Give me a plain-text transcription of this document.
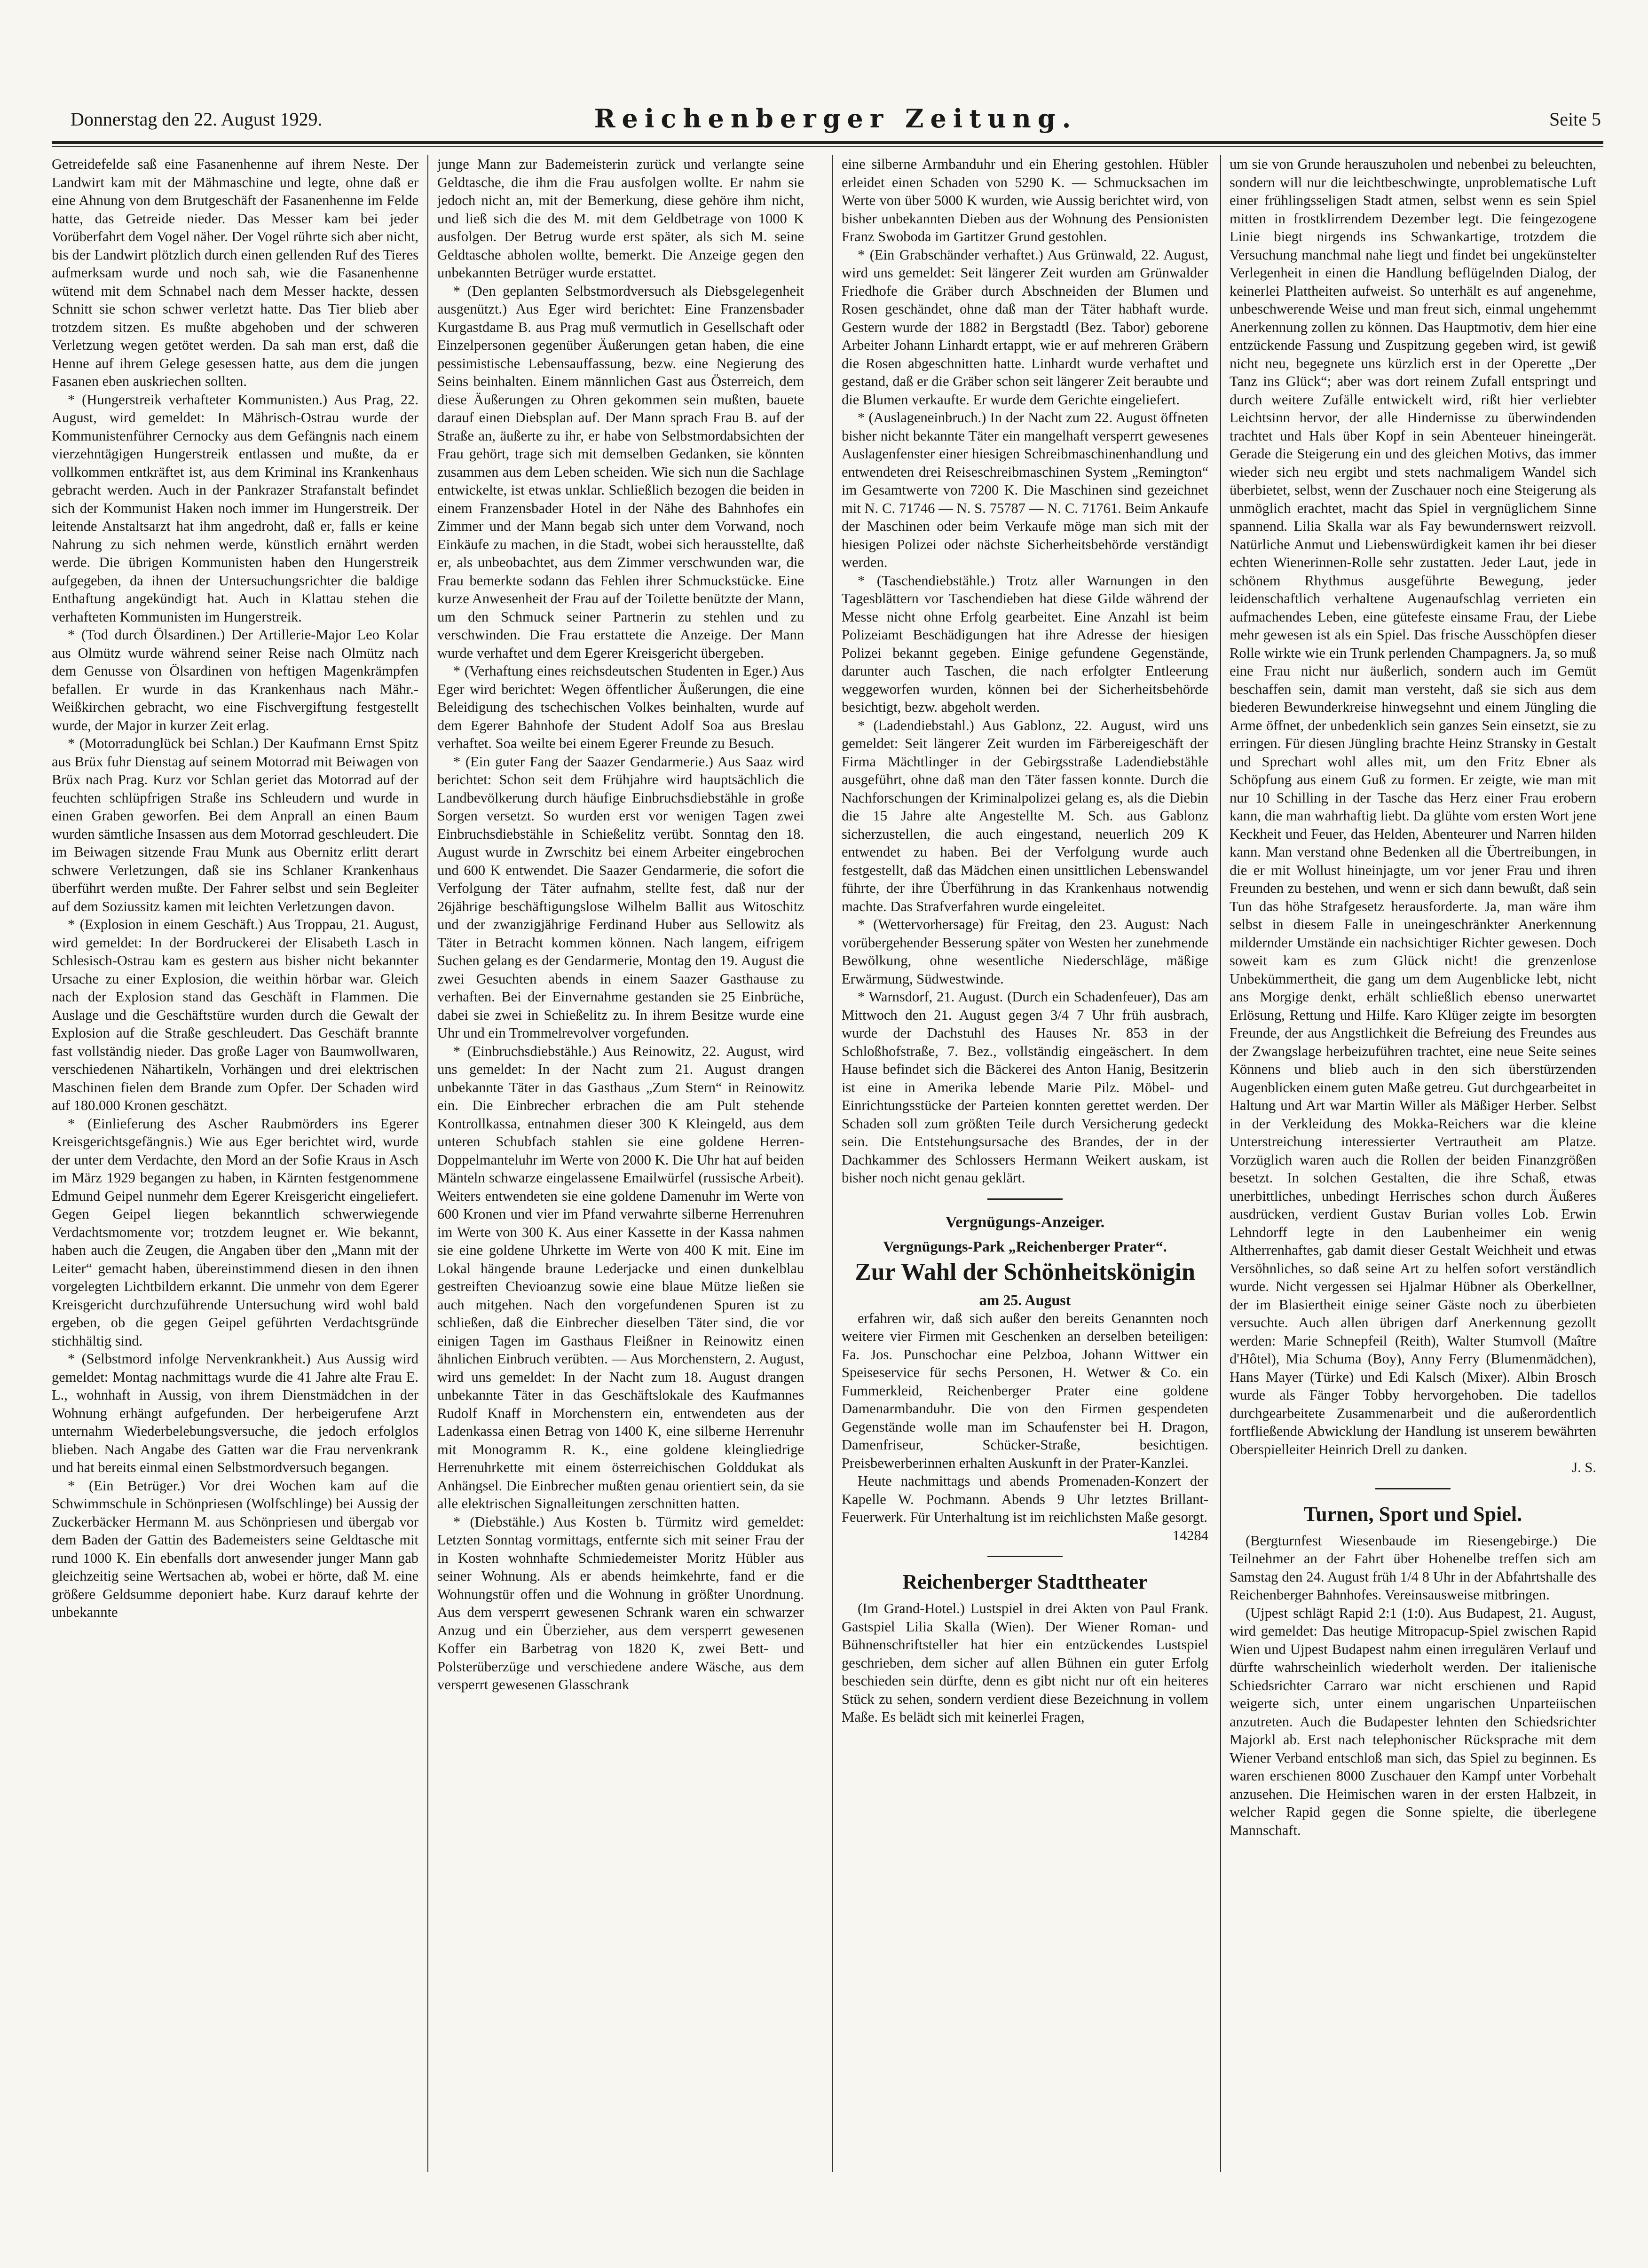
Donnerstag den 22. August 1929.	Reichenberger Zeitung.	Seite 5

Getreidefelde saß eine Fasanenhenne auf ihrem Neste. Der Landwirt kam mit der Mähmaschine und legte, ohne daß er eine Ahnung von dem Brutgeschäft der Fasanenhenne im Felde hatte, das Getreide nieder. Das Messer kam bei jeder Vorüberfahrt dem Vogel näher. Der Vogel rührte sich aber nicht, bis der Landwirt plötzlich durch einen gellenden Ruf des Tieres aufmerksam wurde und noch sah, wie die Fasanenhenne wütend mit dem Schnabel nach dem Messer hackte, dessen Schnitt sie schon schwer verletzt hatte. Das Tier blieb aber trotzdem sitzen. Es mußte abgehoben und der schweren Verletzung wegen getötet werden. Da sah man erst, daß die Henne auf ihrem Gelege gesessen hatte, aus dem die jungen Fasanen eben auskriechen sollten.

* (Hungerstreik verhafteter Kommunisten.) Aus Prag, 22. August, wird gemeldet: In Mährisch-Ostrau wurde der Kommunistenführer Cernocky aus dem Gefängnis nach einem vierzehntägigen Hungerstreik entlassen und mußte, da er vollkommen entkräftet ist, aus dem Kriminal ins Krankenhaus gebracht werden. Auch in der Pankrazer Strafanstalt befindet sich der Kommunist Haken noch immer im Hungerstreik. Der leitende Anstaltsarzt hat ihm angedroht, daß er, falls er keine Nahrung zu sich nehmen werde, künstlich ernährt werden werde. Die übrigen Kommunisten haben den Hungerstreik aufgegeben, da ihnen der Untersuchungsrichter die baldige Enthaftung angekündigt hat. Auch in Klattau stehen die verhafteten Kommunisten im Hungerstreik.

* (Tod durch Ölsardinen.) Der Artillerie-Major Leo Kolar aus Olmütz wurde während seiner Reise nach Olmütz nach dem Genusse von Ölsardinen von heftigen Magenkrämpfen befallen. Er wurde in das Krankenhaus nach Mähr.-Weißkirchen gebracht, wo eine Fischvergiftung festgestellt wurde, der Major in kurzer Zeit erlag.

* (Motorradunglück bei Schlan.) Der Kaufmann Ernst Spitz aus Brüx fuhr Dienstag auf seinem Motorrad mit Beiwagen von Brüx nach Prag. Kurz vor Schlan geriet das Motorrad auf der feuchten schlüpfrigen Straße ins Schleudern und wurde in einen Graben geworfen. Bei dem Anprall an einen Baum wurden sämtliche Insassen aus dem Motorrad geschleudert. Die im Beiwagen sitzende Frau Munk aus Obernitz erlitt derart schwere Verletzungen, daß sie ins Schlaner Krankenhaus überführt werden mußte. Der Fahrer selbst und sein Begleiter auf dem Soziussitz kamen mit leichten Verletzungen davon.

* (Explosion in einem Geschäft.) Aus Troppau, 21. August, wird gemeldet: In der Bordruckerei der Elisabeth Lasch in Schlesisch-Ostrau kam es gestern aus bisher nicht bekannter Ursache zu einer Explosion, die weithin hörbar war. Gleich nach der Explosion stand das Geschäft in Flammen. Die Auslage und die Geschäftstüre wurden durch die Gewalt der Explosion auf die Straße geschleudert. Das Geschäft brannte fast vollständig nieder. Das große Lager von Baumwollwaren, verschiedenen Nähartikeln, Vorhängen und drei elektrischen Maschinen fielen dem Brande zum Opfer. Der Schaden wird auf 180.000 Kronen geschätzt.

* (Einlieferung des Ascher Raubmörders ins Egerer Kreisgerichtsgefängnis.) Wie aus Eger berichtet wird, wurde der unter dem Verdachte, den Mord an der Sofie Kraus in Asch im März 1929 begangen zu haben, in Kärnten festgenommene Edmund Geipel nunmehr dem Egerer Kreisgericht eingeliefert. Gegen Geipel liegen bekanntlich schwerwiegende Verdachtsmomente vor; trotzdem leugnet er. Wie bekannt, haben auch die Zeugen, die Angaben über den „Mann mit der Leiter“ gemacht haben, übereinstimmend diesen in den ihnen vorgelegten Lichtbildern erkannt. Die unmehr von dem Egerer Kreisgericht durchzuführende Untersuchung wird wohl bald ergeben, ob die gegen Geipel geführten Verdachtsgründe stichhältig sind.

* (Selbstmord infolge Nervenkrankheit.) Aus Aussig wird gemeldet: Montag nachmittags wurde die 41 Jahre alte Frau E. L., wohnhaft in Aussig, von ihrem Dienstmädchen in der Wohnung erhängt aufgefunden. Der herbeigerufene Arzt unternahm Wiederbelebungsversuche, die jedoch erfolglos blieben. Nach Angabe des Gatten war die Frau nervenkrank und hat bereits einmal einen Selbstmordversuch begangen.

* (Ein Betrüger.) Vor drei Wochen kam auf die Schwimmschule in Schönpriesen (Wolfschlinge) bei Aussig der Zuckerbäcker Hermann M. aus Schönpriesen und übergab vor dem Baden der Gattin des Bademeisters seine Geldtasche mit rund 1000 K. Ein ebenfalls dort anwesender junger Mann gab gleichzeitig seine Wertsachen ab, wobei er hörte, daß M. eine größere Geldsumme deponiert habe. Kurz darauf kehrte der unbekannte

junge Mann zur Bademeisterin zurück und verlangte seine Geldtasche, die ihm die Frau ausfolgen wollte. Er nahm sie jedoch nicht an, mit der Bemerkung, diese gehöre ihm nicht, und ließ sich die des M. mit dem Geldbetrage von 1000 K ausfolgen. Der Betrug wurde erst später, als sich M. seine Geldtasche abholen wollte, bemerkt. Die Anzeige gegen den unbekannten Betrüger wurde erstattet.

* (Den geplanten Selbstmordversuch als Diebsgelegenheit ausgenützt.) Aus Eger wird berichtet: Eine Franzensbader Kurgastdame B. aus Prag muß vermutlich in Gesellschaft oder Einzelpersonen gegenüber Äußerungen getan haben, die eine pessimistische Lebensauffassung, bezw. eine Negierung des Seins beinhalten. Einem männlichen Gast aus Österreich, dem diese Äußerungen zu Ohren gekommen sein mußten, bauete darauf einen Diebsplan auf. Der Mann sprach Frau B. auf der Straße an, äußerte zu ihr, er habe von Selbstmordabsichten der Frau gehört, trage sich mit demselben Gedanken, sie könnten zusammen aus dem Leben scheiden. Wie sich nun die Sachlage entwickelte, ist etwas unklar. Schließlich bezogen die beiden in einem Franzensbader Hotel in der Nähe des Bahnhofes ein Zimmer und der Mann begab sich unter dem Vorwand, noch Einkäufe zu machen, in die Stadt, wobei sich herausstellte, daß er, als unbeobachtet, aus dem Zimmer verschwunden war, die Frau bemerkte sodann das Fehlen ihrer Schmuckstücke. Eine kurze Anwesenheit der Frau auf der Toilette benützte der Mann, um den Schmuck seiner Partnerin zu stehlen und zu verschwinden. Die Frau erstattete die Anzeige. Der Mann wurde verhaftet und dem Egerer Kreisgericht übergeben.

* (Verhaftung eines reichsdeutschen Studenten in Eger.) Aus Eger wird berichtet: Wegen öffentlicher Äußerungen, die eine Beleidigung des tschechischen Volkes beinhalten, wurde auf dem Egerer Bahnhofe der Student Adolf Soa aus Breslau verhaftet. Soa weilte bei einem Egerer Freunde zu Besuch.

* (Ein guter Fang der Saazer Gendarmerie.) Aus Saaz wird berichtet: Schon seit dem Frühjahre wird hauptsächlich die Landbevölkerung durch häufige Einbruchsdiebstähle in große Sorgen versetzt. So wurden erst vor wenigen Tagen zwei Einbruchsdiebstähle in Schießelitz verübt. Sonntag den 18. August wurde in Zwrschitz bei einem Arbeiter eingebrochen und 600 K entwendet. Die Saazer Gendarmerie, die sofort die Verfolgung der Täter aufnahm, stellte fest, daß nur der 26jährige beschäftigungslose Wilhelm Ballit aus Witoschitz und der zwanzigjährige Ferdinand Huber aus Sellowitz als Täter in Betracht kommen können. Nach langem, eifrigem Suchen gelang es der Gendarmerie, Montag den 19. August die zwei Gesuchten abends in einem Saazer Gasthause zu verhaften. Bei der Einvernahme gestanden sie 25 Einbrüche, dabei sie zwei in Schießelitz zu. In ihrem Besitze wurde eine Uhr und ein Trommelrevolver vorgefunden.

* (Einbruchsdiebstähle.) Aus Reinowitz, 22. August, wird uns gemeldet: In der Nacht zum 21. August drangen unbekannte Täter in das Gasthaus „Zum Stern“ in Reinowitz ein. Die Einbrecher erbrachen die am Pult stehende Kontrollkassa, entnahmen dieser 300 K Kleingeld, aus dem unteren Schubfach stahlen sie eine goldene Herren-Doppelmanteluhr im Werte von 2000 K. Die Uhr hat auf beiden Mänteln schwarze eingelassene Emailwürfel (russische Arbeit). Weiters entwendeten sie eine goldene Damenuhr im Werte von 600 Kronen und vier im Pfand verwahrte silberne Herrenuhren im Werte von 300 K. Aus einer Kassette in der Kassa nahmen sie eine goldene Uhrkette im Werte von 400 K mit. Eine im Lokal hängende braune Lederjacke und einen dunkelblau gestreiften Chevioanzug sowie eine blaue Mütze ließen sie auch mitgehen. Nach den vorgefundenen Spuren ist zu schließen, daß die Einbrecher dieselben Täter sind, die vor einigen Tagen im Gasthaus Fleißner in Reinowitz einen ähnlichen Einbruch verübten. — Aus Morchenstern, 2. August, wird uns gemeldet: In der Nacht zum 18. August drangen unbekannte Täter in das Geschäftslokale des Kaufmannes Rudolf Knaff in Morchenstern ein, entwendeten aus der Ladenkassa einen Betrag von 1400 K, eine silberne Herrenuhr mit Monogramm R. K., eine goldene kleingliedrige Herrenuhrkette mit einem österreichischen Golddukat als Anhängsel. Die Einbrecher mußten genau orientiert sein, da sie alle elektrischen Signalleitungen zerschnitten hatten.

* (Diebstähle.) Aus Kosten b. Türmitz wird gemeldet: Letzten Sonntag vormittags, entfernte sich mit seiner Frau der in Kosten wohnhafte Schmiedemeister Moritz Hübler aus seiner Wohnung. Als er abends heimkehrte, fand er die Wohnungstür offen und die Wohnung in größter Unordnung. Aus dem versperrt gewesenen Schrank waren ein schwarzer Anzug und ein Überzieher, aus dem versperrt gewesenen Koffer ein Barbetrag von 1820 K, zwei Bett- und Polsterüberzüge und verschiedene andere Wäsche, aus dem versperrt gewesenen Glasschrank

eine silberne Armbanduhr und ein Ehering gestohlen. Hübler erleidet einen Schaden von 5290 K. — Schmucksachen im Werte von über 5000 K wurden, wie Aussig berichtet wird, von bisher unbekannten Dieben aus der Wohnung des Pensionisten Franz Swoboda im Gartitzer Grund gestohlen.

* (Ein Grabschänder verhaftet.) Aus Grünwald, 22. August, wird uns gemeldet: Seit längerer Zeit wurden am Grünwalder Friedhofe die Gräber durch Abschneiden der Blumen und Rosen geschändet, ohne daß man der Täter habhaft wurde. Gestern wurde der 1882 in Bergstadtl (Bez. Tabor) geborene Arbeiter Johann Linhardt ertappt, wie er auf mehreren Gräbern die Rosen abgeschnitten hatte. Linhardt wurde verhaftet und gestand, daß er die Gräber schon seit längerer Zeit beraubte und die Blumen verkaufte. Er wurde dem Gerichte eingeliefert.

* (Auslageneinbruch.) In der Nacht zum 22. August öffneten bisher nicht bekannte Täter ein mangelhaft versperrt gewesenes Auslagenfenster einer hiesigen Schreibmaschinenhandlung und entwendeten drei Reiseschreibmaschinen System „Remington“ im Gesamtwerte von 7200 K. Die Maschinen sind gezeichnet mit N. C. 71746 — N. S. 75787 — N. C. 71761. Beim Ankaufe der Maschinen oder beim Verkaufe möge man sich mit der hiesigen Polizei oder nächste Sicherheitsbehörde verständigt werden.

* (Taschendiebstähle.) Trotz aller Warnungen in den Tagesblättern vor Taschendieben hat diese Gilde während der Messe nicht ohne Erfolg gearbeitet. Eine Anzahl ist beim Polizeiamt Beschädigungen hat ihre Adresse der hiesigen Polizei bekannt gegeben. Einige gefundene Gegenstände, darunter auch Taschen, die nach erfolgter Entleerung weggeworfen wurden, können bei der Sicherheitsbehörde besichtigt, bezw. abgeholt werden.

* (Ladendiebstahl.) Aus Gablonz, 22. August, wird uns gemeldet: Seit längerer Zeit wurden im Färbereigeschäft der Firma Mächtlinger in der Gebirgsstraße Ladendiebstähle ausgeführt, ohne daß man den Täter fassen konnte. Durch die Nachforschungen der Kriminalpolizei gelang es, als die Diebin die 15 Jahre alte Angestellte M. Sch. aus Gablonz sicherzustellen, die auch eingestand, neuerlich 209 K entwendet zu haben. Bei der Verfolgung wurde auch festgestellt, daß das Mädchen einen unsittlichen Lebenswandel führte, der ihre Überführung in das Krankenhaus notwendig machte. Das Strafverfahren wurde eingeleitet.

* (Wettervorhersage) für Freitag, den 23. August: Nach vorübergehender Besserung später von Westen her zunehmende Bewölkung, ohne wesentliche Niederschläge, mäßige Erwärmung, Südwestwinde.

* Warnsdorf, 21. August. (Durch ein Schadenfeuer), Das am Mittwoch den 21. August gegen 3/4 7 Uhr früh ausbrach, wurde der Dachstuhl des Hauses Nr. 853 in der Schloßhofstraße, 7. Bez., vollständig eingeäschert. In dem Hause befindet sich die Bäckerei des Anton Hanig, Besitzerin ist eine in Amerika lebende Marie Pilz. Möbel- und Einrichtungsstücke der Parteien konnten gerettet werden. Der Schaden soll zum größten Teile durch Versicherung gedeckt sein. Die Entstehungsursache des Brandes, der in der Dachkammer des Schlossers Hermann Weikert auskam, ist bisher noch nicht genau geklärt.

Vergnügungs-Anzeiger.
Vergnügungs-Park „Reichenberger Prater“.
Zur Wahl der Schönheitskönigin
am 25. August

erfahren wir, daß sich außer den bereits Genannten noch weitere vier Firmen mit Geschenken an derselben beteiligen: Fa. Jos. Punschochar eine Pelzboa, Johann Wittwer ein Speiseservice für sechs Personen, H. Wetwer & Co. ein Fummerkleid, Reichenberger Prater eine goldene Damenarmbanduhr. Die von den Firmen gespendeten Gegenstände wolle man im Schaufenster bei H. Dragon, Damenfriseur, Schücker-Straße, besichtigen. Preisbewerberinnen erhalten Auskunft in der Prater-Kanzlei.

Heute nachmittags und abends Promenaden-Konzert der Kapelle W. Pochmann. Abends 9 Uhr letztes Brillant-Feuerwerk. Für Unterhaltung ist im reichlichsten Maße gesorgt.

14284

Reichenberger Stadttheater

(Im Grand-Hotel.) Lustspiel in drei Akten von Paul Frank. Gastspiel Lilia Skalla (Wien). Der Wiener Roman- und Bühnenschriftsteller hat hier ein entzückendes Lustspiel geschrieben, dem sicher auf allen Bühnen ein guter Erfolg beschieden sein dürfte, denn es gibt nicht nur oft ein heiteres Stück zu sehen, sondern verdient diese Bezeichnung in vollem Maße. Es belädt sich mit keinerlei Fragen,

um sie von Grunde herauszuholen und nebenbei zu beleuchten, sondern will nur die leichtbeschwingte, unproblematische Luft einer frühlingsseligen Stadt atmen, selbst wenn es sein Spiel mitten in frostklirrendem Dezember legt. Die feingezogene Linie biegt nirgends ins Schwankartige, trotzdem die Versuchung manchmal nahe liegt und findet bei ungekünstelter Verlegenheit in einen die Handlung beflügelnden Dialog, der keinerlei Plattheiten aufweist. So unterhält es auf angenehme, unbeschwerende Weise und man freut sich, einmal ungehemmt Anerkennung zollen zu können. Das Hauptmotiv, dem hier eine entzückende Fassung und Zuspitzung gegeben wird, ist gewiß nicht neu, begegnete uns kürzlich erst in der Operette „Der Tanz ins Glück“; aber was dort reinem Zufall entspringt und durch weitere Zufälle entwickelt wird, rißt hier verliebter Leichtsinn hervor, der alle Hindernisse zu überwindenden trachtet und Hals über Kopf in sein Abenteuer hineingerät. Gerade die Steigerung ein und des gleichen Motivs, das immer wieder sich neu ergibt und stets nachmaligem Wandel sich überbietet, selbst, wenn der Zuschauer noch eine Steigerung als unmöglich erachtet, macht das Spiel in vergnüglichem Sinne spannend. Lilia Skalla war als Fay bewundernswert reizvoll. Natürliche Anmut und Liebenswürdigkeit kamen ihr bei dieser echten Wienerinnen-Rolle sehr zustatten. Jeder Laut, jede in schönem Rhythmus ausgeführte Bewegung, jeder leidenschaftlich verhaltene Augenaufschlag verrieten ein aufmachendes Leben, eine gütefeste einsame Frau, der Liebe mehr gewesen ist als ein Spiel. Das frische Ausschöpfen dieser Rolle wirkte wie ein Trunk perlenden Champagners. Ja, so muß eine Frau nicht nur äußerlich, sondern auch im Gemüt beschaffen sein, damit man versteht, daß sie sich aus dem biederen Bewunderkreise hinwegsehnt und einem Jüngling die Arme öffnet, der unbedenklich sein ganzes Sein einsetzt, sie zu erringen. Für diesen Jüngling brachte Heinz Stransky in Gestalt und Sprechart wohl alles mit, um den Fritz Ebner als Schöpfung aus einem Guß zu formen. Er zeigte, wie man mit nur 10 Schilling in der Tasche das Herz einer Frau erobern kann, die man wahrhaftig liebt. Da glühte vom ersten Wort jene Keckheit und Feuer, das Helden, Abenteurer und Narren hilden kann. Man verstand ohne Bedenken all die Übertreibungen, in die er mit Wollust hineinjagte, um vor jener Frau und ihren Freunden zu bestehen, und wenn er sich dann bewußt, daß sein Tun das höhe Strafgesetz herausforderte. Ja, man wäre ihm selbst in diesem Falle in uneingeschränkter Anerkennung mildernder Umstände ein nachsichtiger Richter gewesen. Doch soweit kam es zum Glück nicht! die grenzenlose Unbekümmertheit, die gang um dem Augenblicke lebt, nicht ans Morgige denkt, erhält schließlich ebenso unerwartet Erlösung, Rettung und Hilfe. Karo Klüger zeigte im besorgten Freunde, der aus Angstlichkeit die Befreiung des Freundes aus der Zwangslage herbeizuführen trachtet, eine neue Seite seines Könnens und blieb auch in den sich überstürzenden Augenblicken einem guten Maße getreu. Gut durchgearbeitet in Haltung und Art war Martin Willer als Mäßiger Herber. Selbst in der Verkleidung des Mokka-Reichers war die kleine Unterstreichung interessierter Vertrautheit am Platze. Vorzüglich waren auch die Rollen der beiden Finanzgrößen besetzt. In solchen Gestalten, die ihre Schaß, etwas unerbittliches, unbedingt Herrisches schon durch Äußeres ausdrücken, verdient Gustav Burian volles Lob. Erwin Lehndorff legte in den Laubenheimer ein wenig Altherrenhaftes, gab damit dieser Gestalt Weichheit und etwas Versöhnliches, so daß seine Art zu helfen sofort verständlich wurde. Nicht vergessen sei Hjalmar Hübner als Oberkellner, der im Blasiertheit einige seiner Gäste noch zu überbieten versuchte. Auch allen übrigen darf Anerkennung gezollt werden: Marie Schnepfeil (Reith), Walter Stumvoll (Maître d'Hôtel), Mia Schuma (Boy), Anny Ferry (Blumenmädchen), Hans Mayer (Türke) und Edi Kalsch (Mixer). Albin Brosch wurde als Fänger Tobby hervorgehoben. Die tadellos durchgearbeitete Zusammenarbeit und die außerordentlich fortfließende Abwicklung der Handlung ist unserem bewährten Oberspielleiter Heinrich Drell zu danken.

J. S.

Turnen, Sport und Spiel.

(Bergturnfest Wiesenbaude im Riesengebirge.) Die Teilnehmer an der Fahrt über Hohenelbe treffen sich am Samstag den 24. August früh 1/4 8 Uhr in der Abfahrtshalle des Reichenberger Bahnhofes. Vereinsausweise mitbringen.

(Ujpest schlägt Rapid 2:1 (1:0). Aus Budapest, 21. August, wird gemeldet: Das heutige Mitropacup-Spiel zwischen Rapid Wien und Ujpest Budapest nahm einen irregulären Verlauf und dürfte wahrscheinlich wiederholt werden. Der italienische Schiedsrichter Carraro war nicht erschienen und Rapid weigerte sich, unter einem ungarischen Unparteiischen anzutreten. Auch die Budapester lehnten den Schiedsrichter Majorkl ab. Erst nach telephonischer Rücksprache mit dem Wiener Verband entschloß man sich, das Spiel zu beginnen. Es waren erschienen 8000 Zuschauer den Kampf unter Vorbehalt anzusehen. Die Heimischen waren in der ersten Halbzeit, in welcher Rapid gegen die Sonne spielte, die überlegene Mannschaft.
